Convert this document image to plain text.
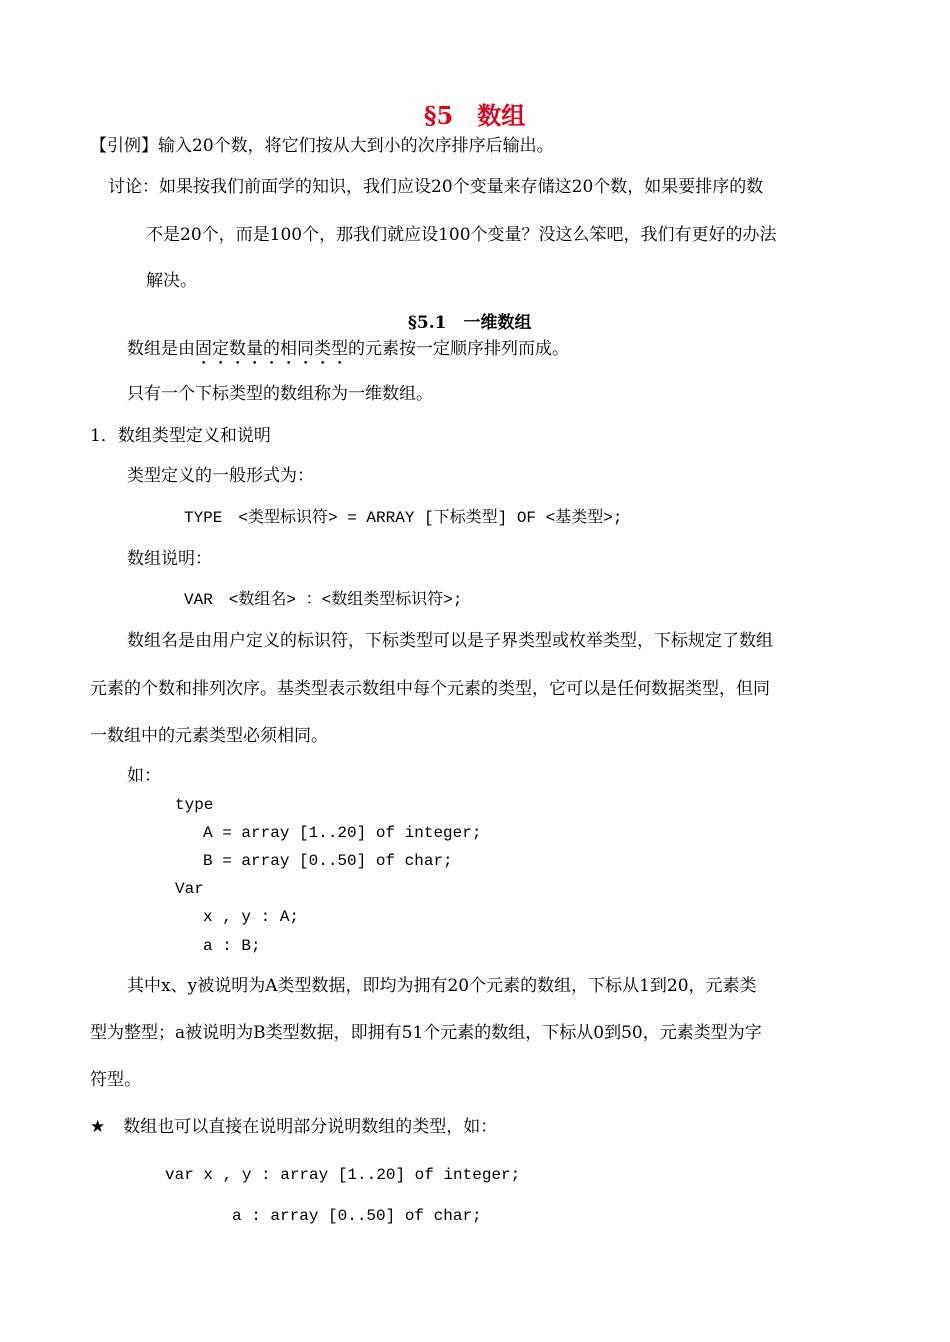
§5　数组
【引例】输入20个数，将它们按从大到小的次序排序后输出。
讨论：如果按我们前面学的知识，我们应设20个变量来存储这20个数，如果要排序的数
不是20个，而是100个，那我们就应设100个变量？没这么笨吧，我们有更好的办法
解决。
§5.1　一维数组
数组是由固定数量的相同类型的元素按一定顺序排列而成。
只有一个下标类型的数组称为一维数组。
1．数组类型定义和说明
类型定义的一般形式为：
TYPE　<类型标识符> = ARRAY [下标类型] OF <基类型>;
数组说明：
VAR　<数组名> ：<数组类型标识符>;
数组名是由用户定义的标识符，下标类型可以是子界类型或枚举类型，下标规定了数组
元素的个数和排列次序。基类型表示数组中每个元素的类型，它可以是任何数据类型，但同
一数组中的元素类型必须相同。
如：
type
A = array [1..20] of integer;
B = array [0..50] of char;
Var
x , y : A;
a : B;
其中x、y被说明为A类型数据，即均为拥有20个元素的数组，下标从1到20，元素类
型为整型；a被说明为B类型数据，即拥有51个元素的数组，下标从0到50，元素类型为字
符型。
★ 数组也可以直接在说明部分说明数组的类型，如：
var x , y : array [1..20] of integer;
a : array [0..50] of char;
